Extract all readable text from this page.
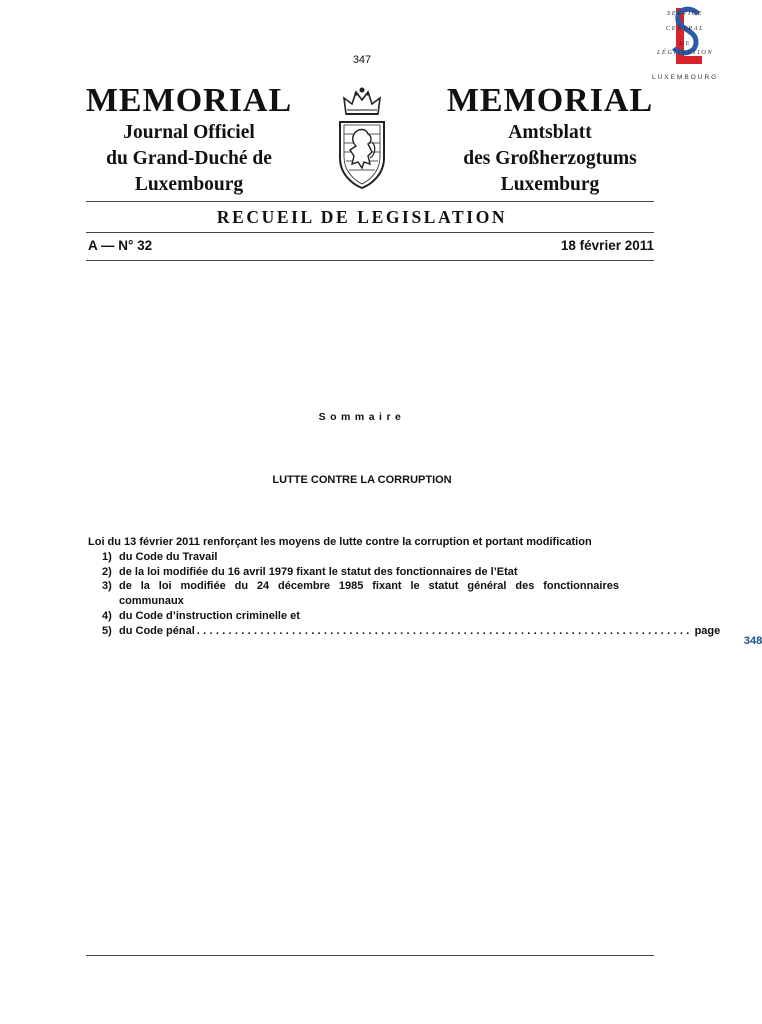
347
SERVICE
CENTRAL
DE
LÉGISLATION
LUXEMBOURG
MEMORIAL
Journal Officiel
du Grand-Duché de
Luxembourg
MEMORIAL
Amtsblatt
des Großherzogtums
Luxemburg
RECUEIL DE LEGISLATION
A — N° 32	18 février 2011
Sommaire
LUTTE CONTRE LA CORRUPTION
Loi du 13 février 2011 renforçant les moyens de lutte contre la corruption et portant modification
1) du Code du Travail
2) de la loi modifiée du 16 avril 1979 fixant le statut des fonctionnaires de l’Etat
3) de la loi modifiée du 24 décembre 1985 fixant le statut général des fonctionnaires
communaux
4) du Code d’instruction criminelle et
5) du Code pénal .............................................................................. page
348
